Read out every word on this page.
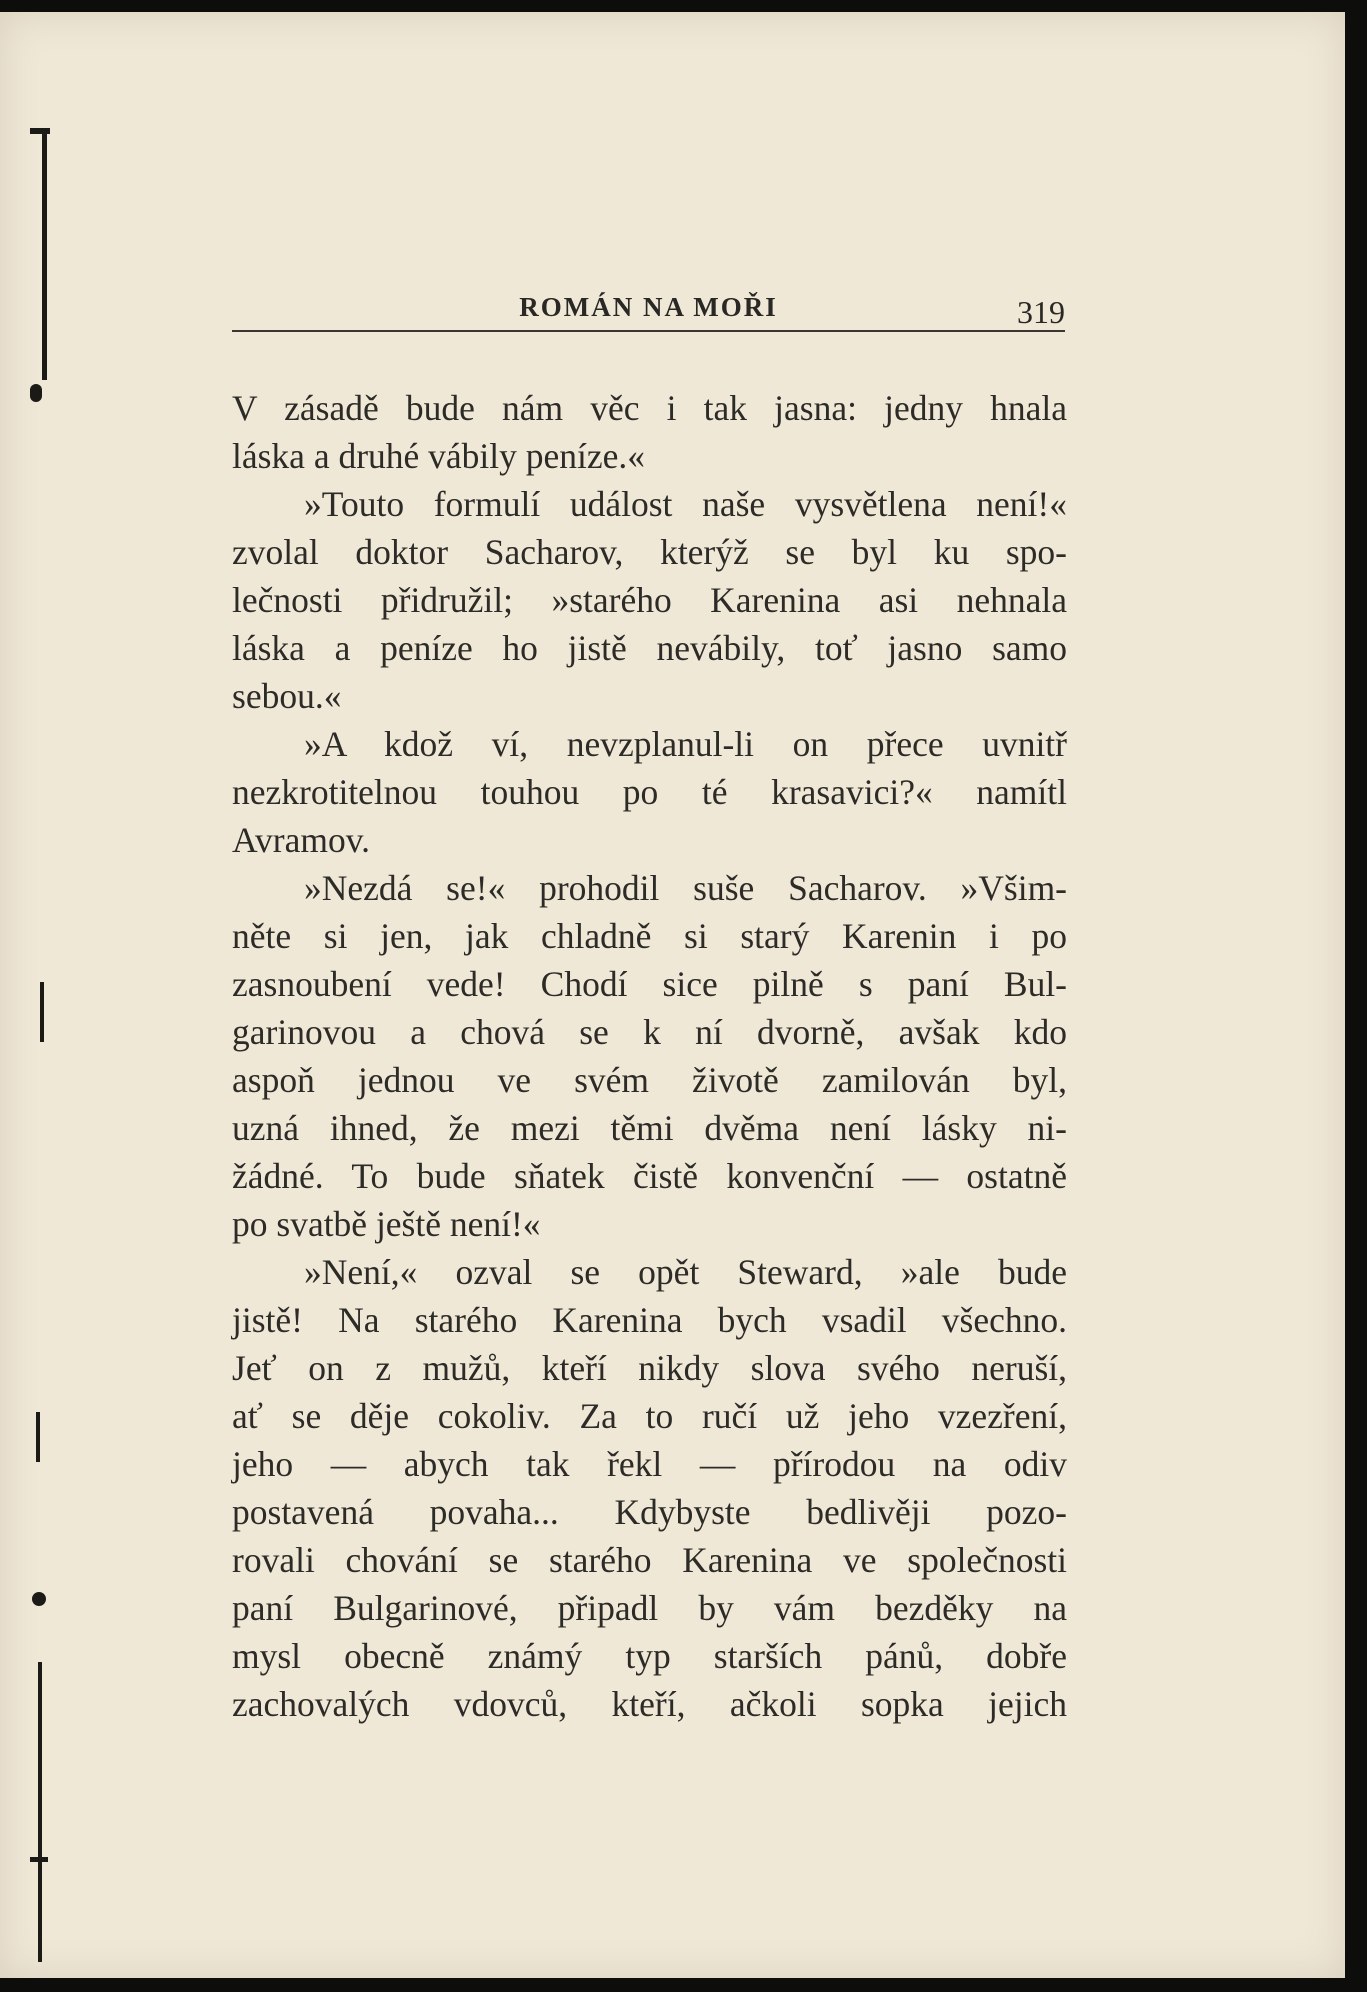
ROMÁN NA MOŘI	319
V zásadě bude nám věc i tak jasna: jedny hnala
láska a druhé vábily peníze.«
»Touto formulí událost naše vysvětlena není!«
zvolal doktor Sacharov, kterýž se byl ku spo-
lečnosti přidružil; »starého Karenina asi nehnala
láska a peníze ho jistě nevábily, toť jasno samo
sebou.«
»A kdož ví, nevzplanul-li on přece uvnitř
nezkrotitelnou touhou po té krasavici?« namítl
Avramov.
»Nezdá se!« prohodil suše Sacharov. »Všim-
něte si jen, jak chladně si starý Karenin i po
zasnoubení vede! Chodí sice pilně s paní Bul-
garinovou a chová se k ní dvorně, avšak kdo
aspoň jednou ve svém životě zamilován byl,
uzná ihned, že mezi těmi dvěma není lásky ni-
žádné. To bude sňatek čistě konvenční — ostatně
po svatbě ještě není!«
»Není,« ozval se opět Steward, »ale bude
jistě! Na starého Karenina bych vsadil všechno.
Jeť on z mužů, kteří nikdy slova svého neruší,
ať se děje cokoliv. Za to ručí už jeho vzezření,
jeho — abych tak řekl — přírodou na odiv
postavená povaha... Kdybyste bedlivěji pozo-
rovali chování se starého Karenina ve společnosti
paní Bulgarinové, připadl by vám bezděky na
mysl obecně známý typ starších pánů, dobře
zachovalých vdovců, kteří, ačkoli sopka jejich
